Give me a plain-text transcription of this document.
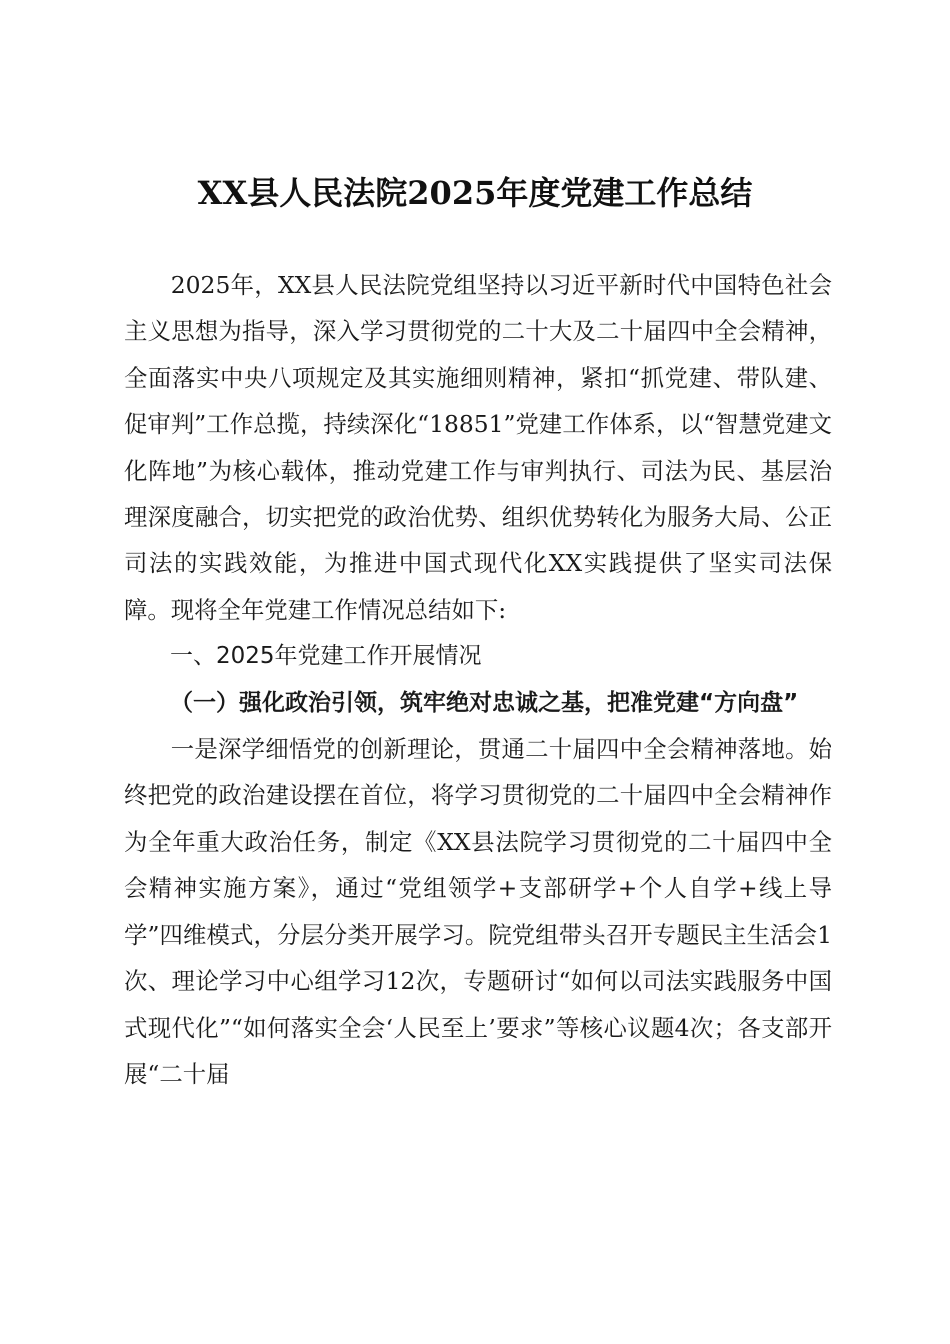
XX县人民法院2025年度党建工作总结

2025年，XX县人民法院党组坚持以习近平新时代中国特色社会主义思想为指导，深入学习贯彻党的二十大及二十届四中全会精神，全面落实中央八项规定及其实施细则精神，紧扣“抓党建、带队建、促审判”工作总揽，持续深化“18851”党建工作体系，以“智慧党建文化阵地”为核心载体，推动党建工作与审判执行、司法为民、基层治理深度融合，切实把党的政治优势、组织优势转化为服务大局、公正司法的实践效能，为推进中国式现代化XX实践提供了坚实司法保障。现将全年党建工作情况总结如下:

一、2025年党建工作开展情况

（一）强化政治引领，筑牢绝对忠诚之基，把准党建“方向盘”

一是深学细悟党的创新理论，贯通二十届四中全会精神落地。始终把党的政治建设摆在首位，将学习贯彻党的二十届四中全会精神作为全年重大政治任务，制定《XX县法院学习贯彻党的二十届四中全会精神实施方案》，通过“党组领学+支部研学+个人自学+线上导学”四维模式，分层分类开展学习。院党组带头召开专题民主生活会1次、理论学习中心组学习12次，专题研讨“如何以司法实践服务中国式现代化”“如何落实全会‘人民至上’要求”等核心议题4次；各支部开展“二十届
